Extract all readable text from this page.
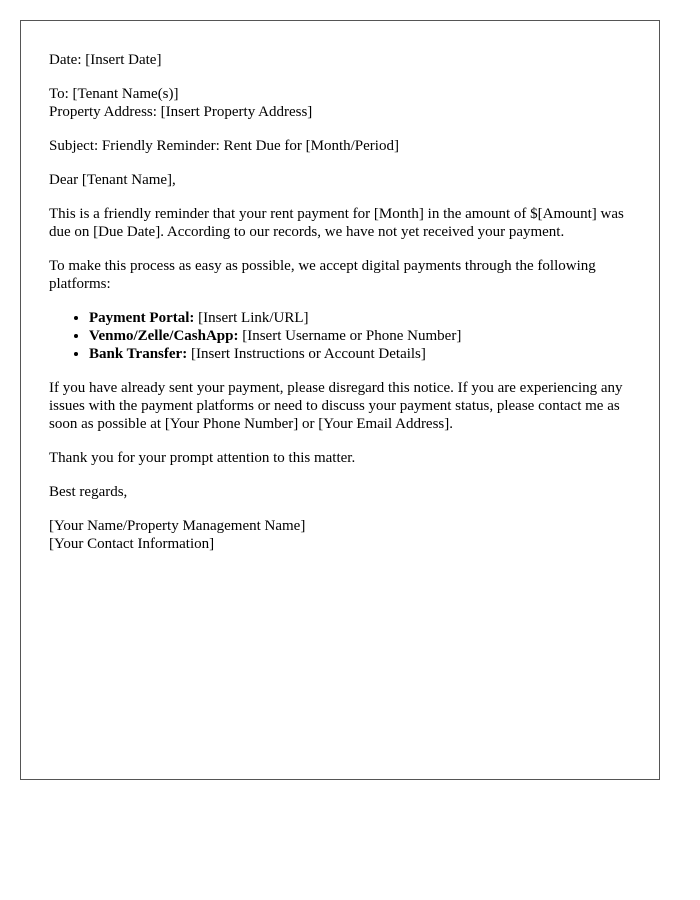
Date: [Insert Date]

To: [Tenant Name(s)]
Property Address: [Insert Property Address]

Subject: Friendly Reminder: Rent Due for [Month/Period]

Dear [Tenant Name],

This is a friendly reminder that your rent payment for [Month] in the amount of $[Amount] was due on [Due Date]. According to our records, we have not yet received your payment.

To make this process as easy as possible, we accept digital payments through the following platforms:

• Payment Portal: [Insert Link/URL]
• Venmo/Zelle/CashApp: [Insert Username or Phone Number]
• Bank Transfer: [Insert Instructions or Account Details]

If you have already sent your payment, please disregard this notice. If you are experiencing any issues with the payment platforms or need to discuss your payment status, please contact me as soon as possible at [Your Phone Number] or [Your Email Address].

Thank you for your prompt attention to this matter.

Best regards,

[Your Name/Property Management Name]
[Your Contact Information]
